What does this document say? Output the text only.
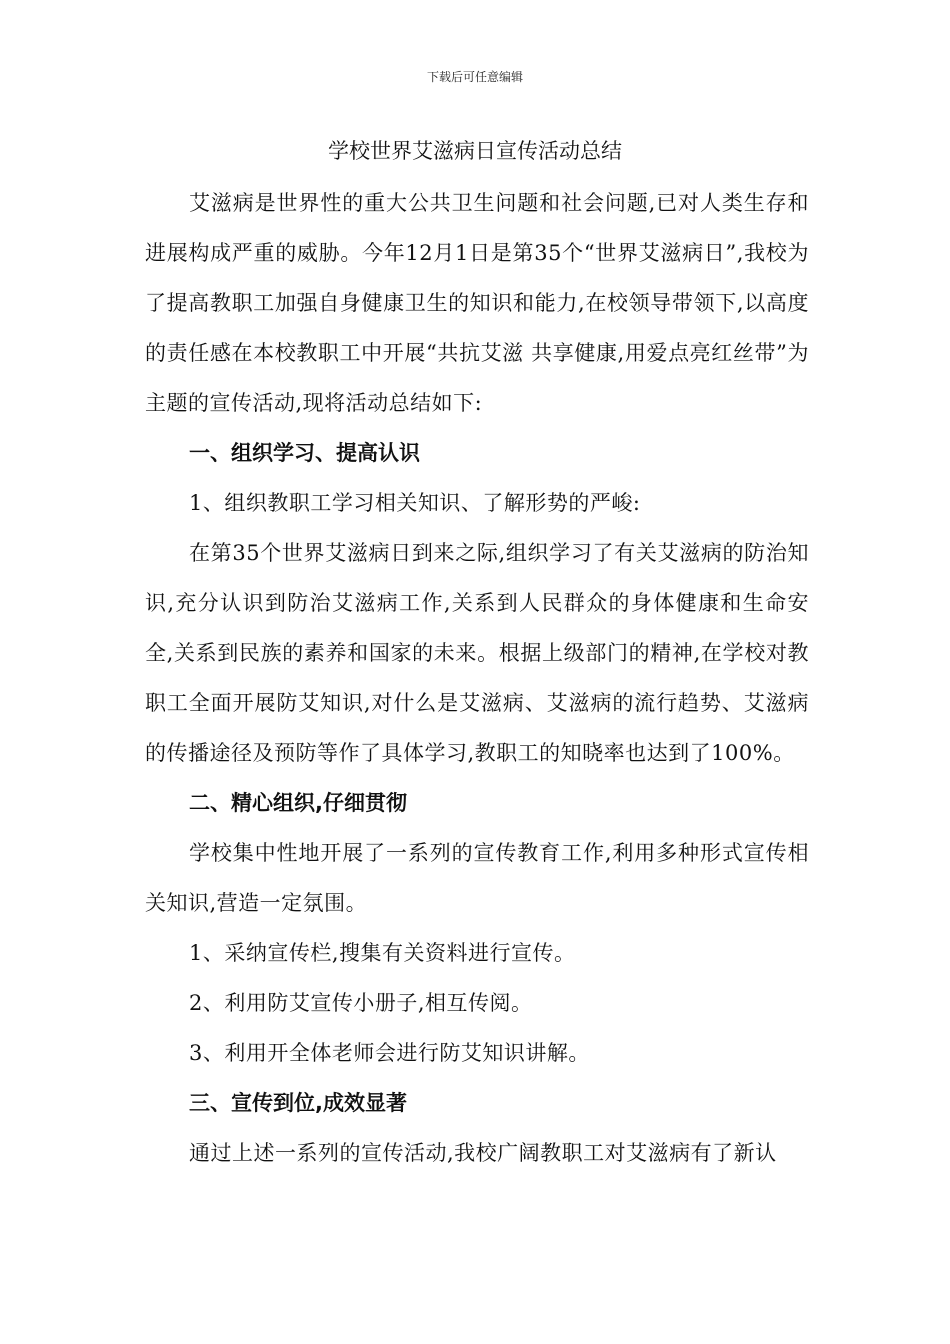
下载后可任意编辑
学校世界艾滋病日宣传活动总结

艾滋病是世界性的重大公共卫生问题和社会问题,已对人类生存和进展构成严重的威胁。今年12月1日是第35个“世界艾滋病日”,我校为了提高教职工加强自身健康卫生的知识和能力,在校领导带领下,以高度的责任感在本校教职工中开展“共抗艾滋 共享健康,用爱点亮红丝带”为主题的宣传活动,现将活动总结如下:

一、组织学习、提高认识

1、组织教职工学习相关知识、了解形势的严峻:

在第35个世界艾滋病日到来之际,组织学习了有关艾滋病的防治知识,充分认识到防治艾滋病工作,关系到人民群众的身体健康和生命安全,关系到民族的素养和国家的未来。根据上级部门的精神,在学校对教职工全面开展防艾知识,对什么是艾滋病、艾滋病的流行趋势、艾滋病的传播途径及预防等作了具体学习,教职工的知晓率也达到了100%。

二、精心组织,仔细贯彻

学校集中性地开展了一系列的宣传教育工作,利用多种形式宣传相关知识,营造一定氛围。

1、采纳宣传栏,搜集有关资料进行宣传。

2、利用防艾宣传小册子,相互传阅。

3、利用开全体老师会进行防艾知识讲解。

三、宣传到位,成效显著

通过上述一系列的宣传活动,我校广阔教职工对艾滋病有了新认
